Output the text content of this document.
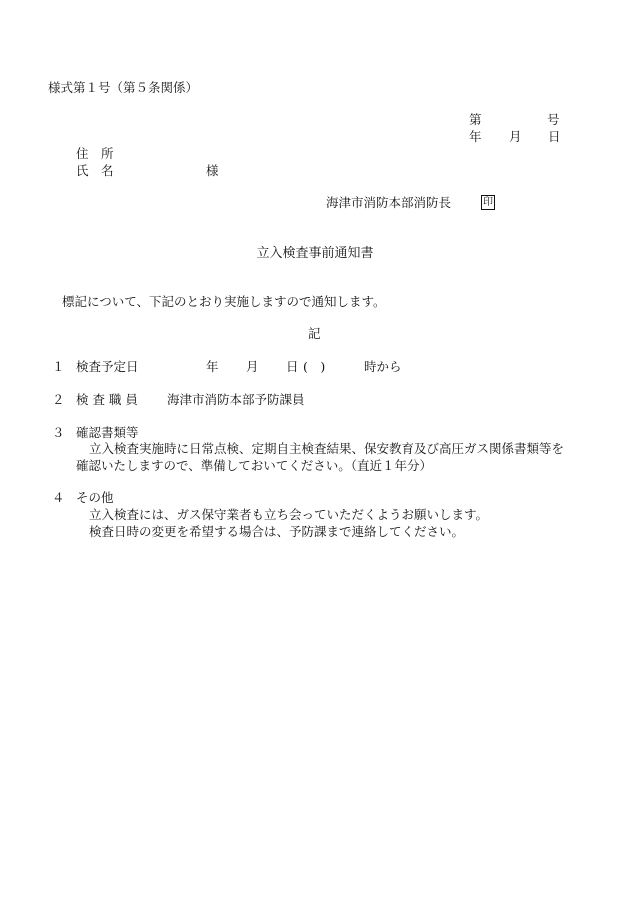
様式第１号（第５条関係）
第	号
年 月 日
住　所
氏　名	様
海津市消防本部消防長	印
立入検査事前通知書
標記について、下記のとおり実施しますので通知します。
記
１ 検査予定日	年 月 日 (　)	時から
２ 検 査 職 員 海津市消防本部予防課員
３ 確認書類等
立入検査実施時に日常点検、定期自主検査結果、保安教育及び高圧ガス関係書類等を
確認いたしますので、準備しておいてください。（直近１年分）
４ その他
立入検査には、ガス保守業者も立ち会っていただくようお願いします。
検査日時の変更を希望する場合は、予防課まで連絡してください。
